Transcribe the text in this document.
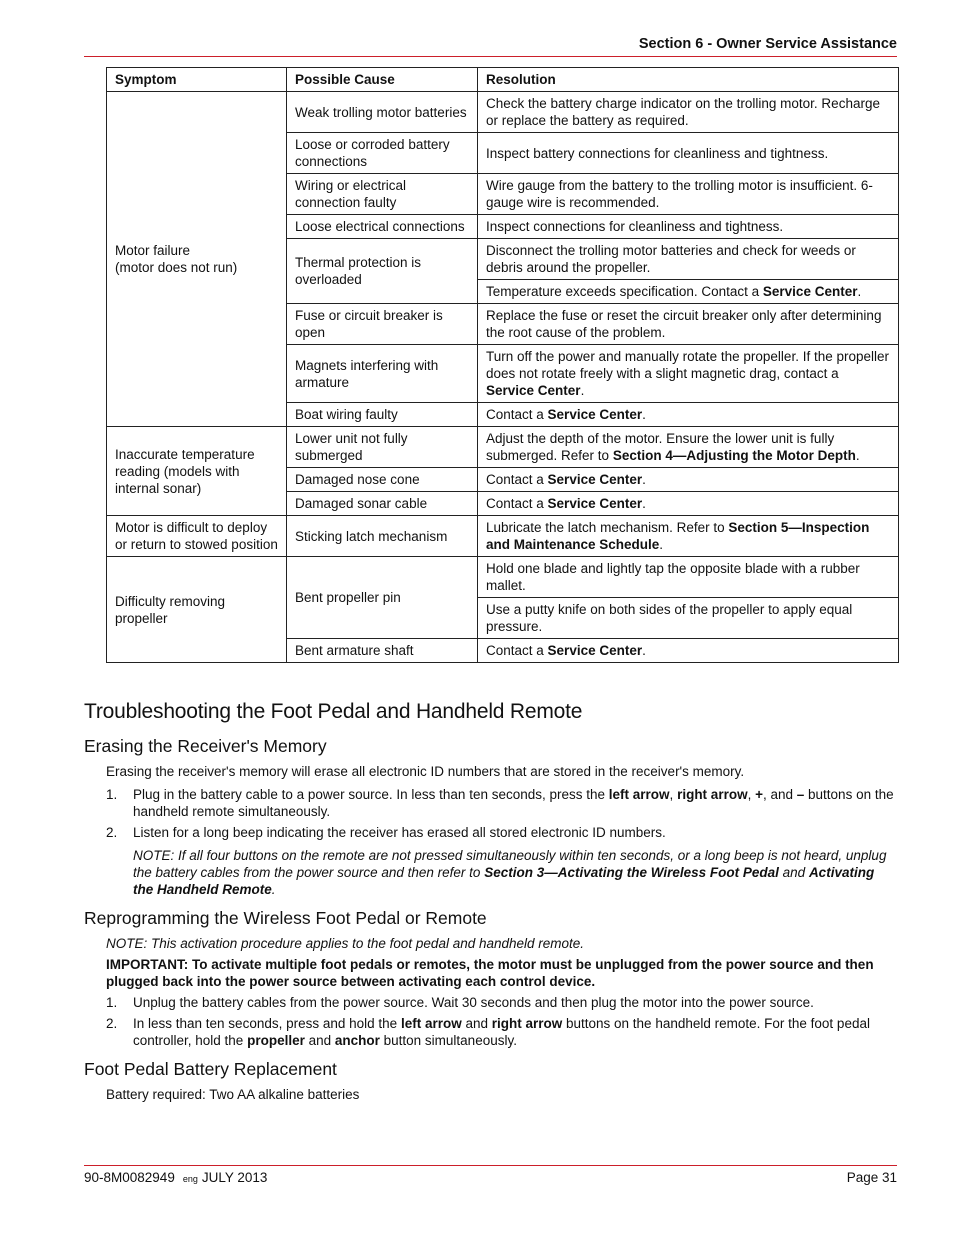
Section 6 - Owner Service Assistance
Symptom	Possible Cause	Resolution

Motor failure
(motor does not run)	Weak trolling motor batteries	Check the battery charge indicator on the trolling motor. Recharge or replace the battery as required.
	Loose or corroded battery connections	Inspect battery connections for cleanliness and tightness.
	Wiring or electrical connection faulty	Wire gauge from the battery to the trolling motor is insufficient. 6-gauge wire is recommended.
	Loose electrical connections	Inspect connections for cleanliness and tightness.
	Thermal protection is overloaded	Disconnect the trolling motor batteries and check for weeds or debris around the propeller.
		Temperature exceeds specification. Contact a Service Center.
	Fuse or circuit breaker is open	Replace the fuse or reset the circuit breaker only after determining the root cause of the problem.
	Magnets interfering with armature	Turn off the power and manually rotate the propeller. If the propeller does not rotate freely with a slight magnetic drag, contact a Service Center.
	Boat wiring faulty	Contact a Service Center.

Inaccurate temperature reading (models with internal sonar)	Lower unit not fully submerged	Adjust the depth of the motor. Ensure the lower unit is fully submerged. Refer to Section 4—Adjusting the Motor Depth.
	Damaged nose cone	Contact a Service Center.
	Damaged sonar cable	Contact a Service Center.

Motor is difficult to deploy or return to stowed position	Sticking latch mechanism	Lubricate the latch mechanism. Refer to Section 5—Inspection and Maintenance Schedule.

Difficulty removing propeller	Bent propeller pin	Hold one blade and lightly tap the opposite blade with a rubber mallet.
		Use a putty knife on both sides of the propeller to apply equal pressure.
	Bent armature shaft	Contact a Service Center.
Troubleshooting the Foot Pedal and Handheld Remote
Erasing the Receiver's Memory

Erasing the receiver's memory will erase all electronic ID numbers that are stored in the receiver's memory.

1. Plug in the battery cable to a power source. In less than ten seconds, press the left arrow, right arrow, +, and – buttons on the handheld remote simultaneously.
2. Listen for a long beep indicating the receiver has erased all stored electronic ID numbers.
NOTE: If all four buttons on the remote are not pressed simultaneously within ten seconds, or a long beep is not heard, unplug the battery cables from the power source and then refer to Section 3—Activating the Wireless Foot Pedal and Activating the Handheld Remote.
Reprogramming the Wireless Foot Pedal or Remote
NOTE: This activation procedure applies to the foot pedal and handheld remote.
IMPORTANT: To activate multiple foot pedals or remotes, the motor must be unplugged from the power source and then plugged back into the power source between activating each control device.
1. Unplug the battery cables from the power source. Wait 30 seconds and then plug the motor into the power source.
2. In less than ten seconds, press and hold the left arrow and right arrow buttons on the handheld remote. For the foot pedal controller, hold the propeller and anchor button simultaneously.
Foot Pedal Battery Replacement

Battery required: Two AA alkaline batteries

90-8M0082949 eng JULY 2013	Page 31
